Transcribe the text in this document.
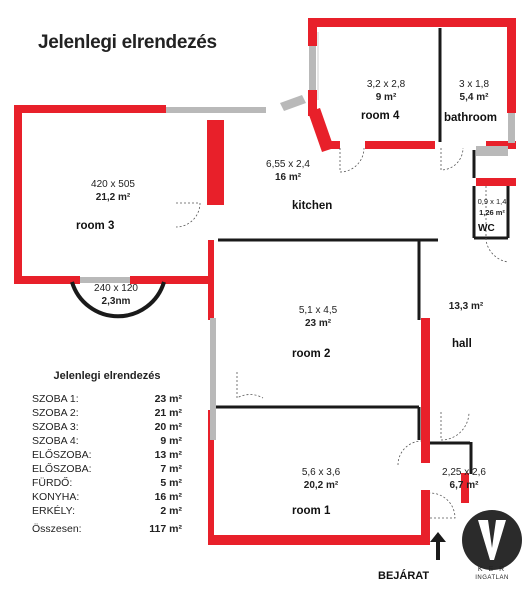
Jelenlegi elrendezés
3,2 x 2,8
9 m²
room 4
3 x 1,8
5,4 m²
bathroom
420 x 505
21,2 m²
room 3
6,55 x 2,4
16 m²
kitchen	0,9 x 1,4
1,26 m²
WC
240 x 120
2,3nm
5,1 x 4,5
23 m²
room 2
13,3 m²
hall
5,6 x 3,6
20,2 m²
room 1
2,25 x 2,6
6,7 m²
Jelenlegi elrendezés
SZOBA 1:	23 m²
SZOBA 2:	21 m²
SZOBA 3:	20 m²
SZOBA 4:	9 m²
ELŐSZOBA:	13 m²
ELŐSZOBA:	7 m²
FÜRDŐ:	5 m²
KONYHA:	16 m²
ERKÉLY:	2 m²
Összesen:	117 m²
BEJÁRAT
K E R
INGATLAN
